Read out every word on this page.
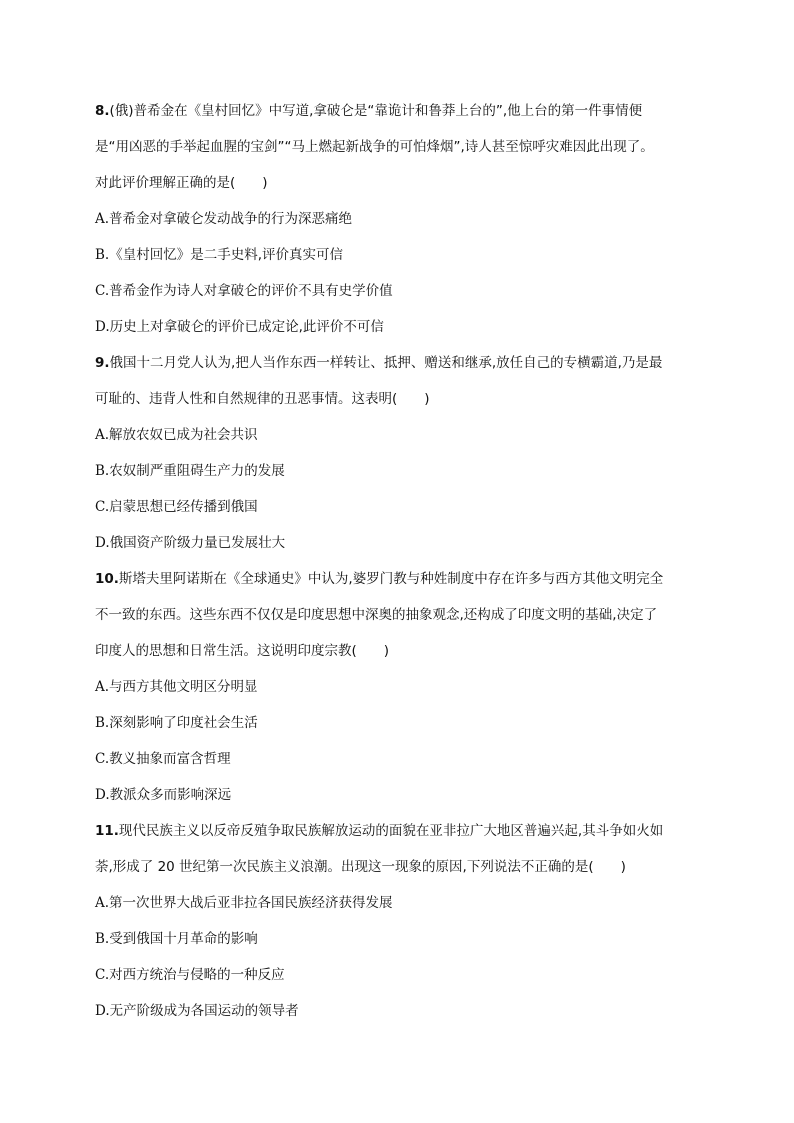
8.(俄)普希金在《皇村回忆》中写道,拿破仑是“靠诡计和鲁莽上台的”,他上台的第一件事情便
是“用凶恶的手举起血腥的宝剑”“马上燃起新战争的可怕烽烟”,诗人甚至惊呼灾难因此出现了。
对此评价理解正确的是(　　)
A.普希金对拿破仑发动战争的行为深恶痛绝
B.《皇村回忆》是二手史料,评价真实可信
C.普希金作为诗人对拿破仑的评价不具有史学价值
D.历史上对拿破仑的评价已成定论,此评价不可信
9.俄国十二月党人认为,把人当作东西一样转让、抵押、赠送和继承,放任自己的专横霸道,乃是最
可耻的、违背人性和自然规律的丑恶事情。这表明(　　)
A.解放农奴已成为社会共识
B.农奴制严重阻碍生产力的发展
C.启蒙思想已经传播到俄国
D.俄国资产阶级力量已发展壮大
10.斯塔夫里阿诺斯在《全球通史》中认为,婆罗门教与种姓制度中存在许多与西方其他文明完全
不一致的东西。这些东西不仅仅是印度思想中深奥的抽象观念,还构成了印度文明的基础,决定了
印度人的思想和日常生活。这说明印度宗教(　　)
A.与西方其他文明区分明显
B.深刻影响了印度社会生活
C.教义抽象而富含哲理
D.教派众多而影响深远
11.现代民族主义以反帝反殖争取民族解放运动的面貌在亚非拉广大地区普遍兴起,其斗争如火如
荼,形成了 20 世纪第一次民族主义浪潮。出现这一现象的原因,下列说法不正确的是(　　)
A.第一次世界大战后亚非拉各国民族经济获得发展
B.受到俄国十月革命的影响
C.对西方统治与侵略的一种反应
D.无产阶级成为各国运动的领导者
